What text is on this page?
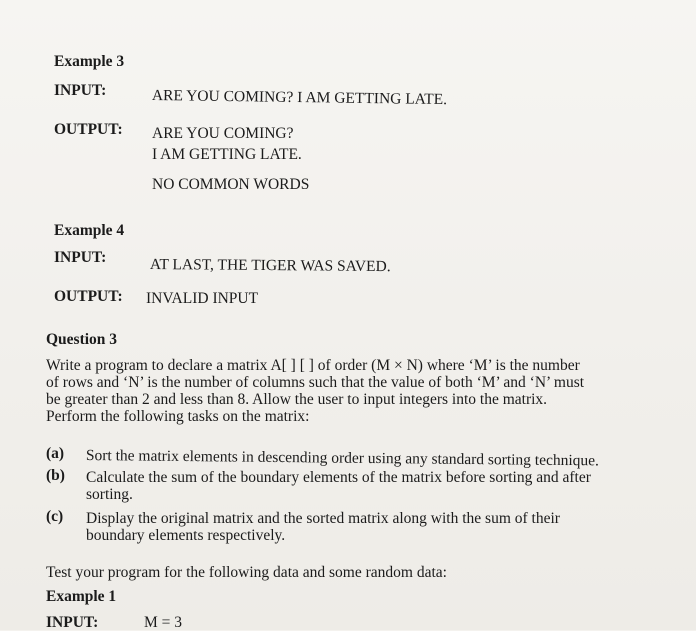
Example 3
INPUT:	ARE YOU COMING? I AM GETTING LATE.
OUTPUT: ARE YOU COMING?
I AM GETTING LATE.
NO COMMON WORDS
Example 4
INPUT:	AT LAST, THE TIGER WAS SAVED.
OUTPUT: INVALID INPUT
Question 3
Write a program to declare a matrix A[ ] [ ] of order (M × N) where ‘M’ is the number
of rows and ‘N’ is the number of columns such that the value of both ‘M’ and ‘N’ must
be greater than 2 and less than 8. Allow the user to input integers into the matrix.
Perform the following tasks on the matrix:
(a) Sort the matrix elements in descending order using any standard sorting technique.
(b) Calculate the sum of the boundary elements of the matrix before sorting and after
sorting.
(c) Display the original matrix and the sorted matrix along with the sum of their
boundary elements respectively.
Test your program for the following data and some random data:
Example 1
INPUT:	M = 3
